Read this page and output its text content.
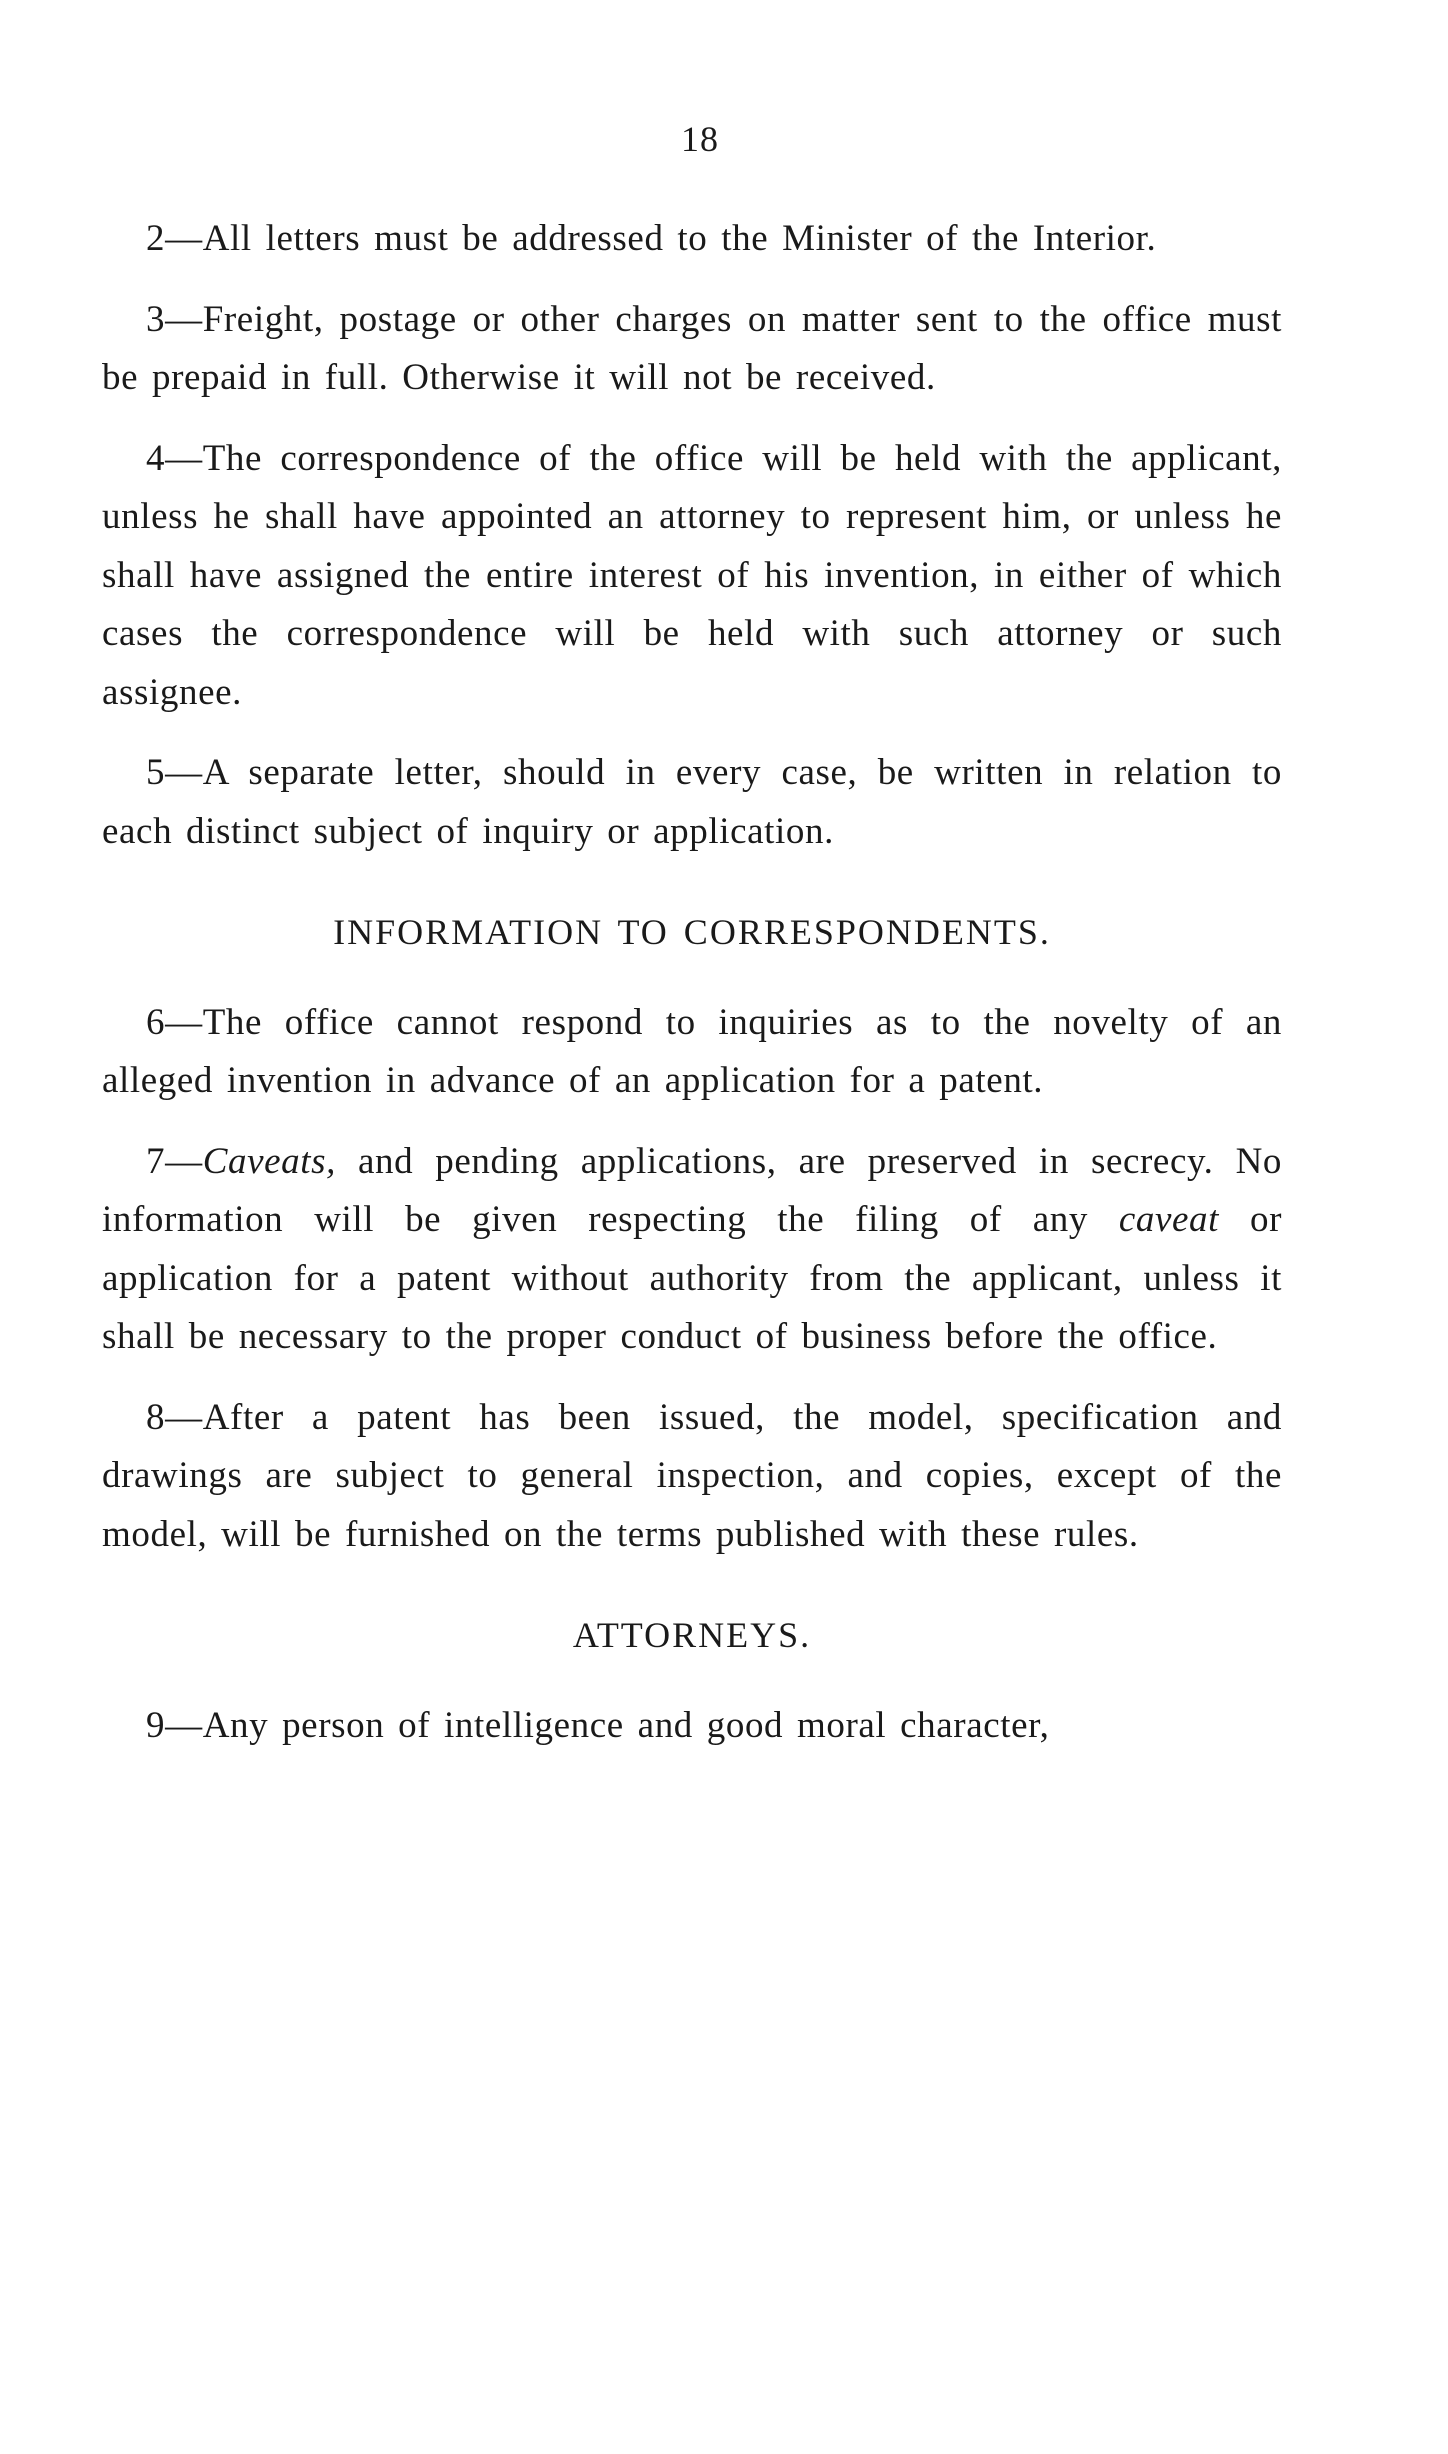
18

2—All letters must be addressed to the Minister of the Interior.

3—Freight, postage or other charges on matter sent to the office must be prepaid in full. Otherwise it will not be received.

4—The correspondence of the office will be held with the applicant, unless he shall have appointed an attorney to represent him, or unless he shall have assigned the entire interest of his invention, in either of which cases the correspondence will be held with such attorney or such assignee.

5—A separate letter, should in every case, be written in relation to each distinct subject of inquiry or application.

INFORMATION TO CORRESPONDENTS.

6—The office cannot respond to inquiries as to the novelty of an alleged invention in advance of an application for a patent.

7—Caveats, and pending applications, are preserved in secrecy. No information will be given respecting the filing of any caveat or application for a patent without authority from the applicant, unless it shall be necessary to the proper conduct of business before the office.

8—After a patent has been issued, the model, specification and drawings are subject to general inspection, and copies, except of the model, will be furnished on the terms published with these rules.

ATTORNEYS.

9—Any person of intelligence and good moral character,
